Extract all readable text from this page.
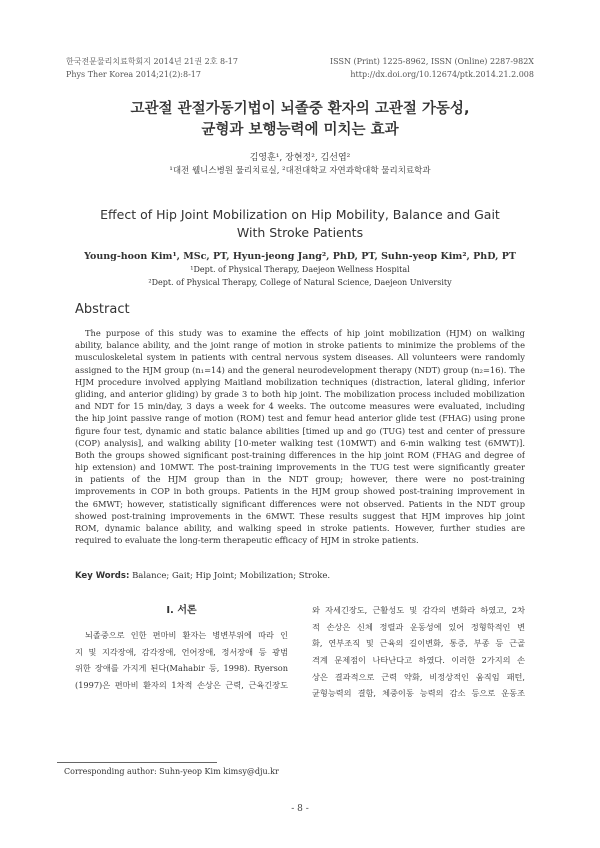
한국전문물리치료학회지 2014년 21권 2호 8-17	ISSN (Print) 1225-8962, ISSN (Online) 2287-982X
Phys Ther Korea 2014;21(2):8-17	http://dx.doi.org/10.12674/ptk.2014.21.2.008
고관절 관절가동기법이 뇌졸중 환자의 고관절 가동성,
균형과 보행능력에 미치는 효과
김영훈¹, 장현정², 김선엽²
¹대전 웰니스병원 물리치료실, ²대전대학교 자연과학대학 물리치료학과
Effect of Hip Joint Mobilization on Hip Mobility, Balance and Gait
With Stroke Patients
Young-hoon Kim¹, MSc, PT, Hyun-jeong Jang², PhD, PT, Suhn-yeop Kim², PhD, PT
¹Dept. of Physical Therapy, Daejeon Wellness Hospital
²Dept. of Physical Therapy, College of Natural Science, Daejeon University
Abstract
The purpose of this study was to examine the effects of hip joint mobilization (HJM) on walking
ability, balance ability, and the joint range of motion in stroke patients to minimize the problems of the
musculoskeletal system in patients with central nervous system diseases. All volunteers were randomly
assigned to the HJM group (n₁=14) and the general neurodevelopment therapy (NDT) group (n₂=16). The
HJM procedure involved applying Maitland mobilization techniques (distraction, lateral gliding, inferior
gliding, and anterior gliding) by grade 3 to both hip joint. The mobilization process included mobilization
and NDT for 15 min/day, 3 days a week for 4 weeks. The outcome measures were evaluated, including
the hip joint passive range of motion (ROM) test and femur head anterior glide test (FHAG) using prone
figure four test, dynamic and static balance abilities [timed up and go (TUG) test and center of pressure
(COP) analysis], and walking ability [10-meter walking test (10MWT) and 6-min walking test (6MWT)].
Both the groups showed significant post-training differences in the hip joint ROM (FHAG and degree of
hip extension) and 10MWT. The post-training improvements in the TUG test were significantly greater
in patients of the HJM group than in the NDT group; however, there were no post-training
improvements in COP in both groups. Patients in the HJM group showed post-training improvement in
the 6MWT; however, statistically significant differences were not observed. Patients in the NDT group
showed post-training improvements in the 6MWT. These results suggest that HJM improves hip joint
ROM, dynamic balance ability, and walking speed in stroke patients. However, further studies are
required to evaluate the long-term therapeutic efficacy of HJM in stroke patients.
Key Words: Balance; Gait; Hip Joint; Mobilization; Stroke.
Ⅰ. 서론
뇌졸중으로 인한 편마비 환자는 병변부위에 따라 인
지 및 지각장애, 감각장애, 언어장애, 정서장애 등 광범
위한 장애를 가지게 된다(Mahabir 등, 1998). Ryerson
(1997)은 편마비 환자의 1차적 손상은 근력, 근육긴장도
와 자세긴장도, 근활성도 및 감각의 변화라 하였고, 2차
적 손상은 신체 정렬과 운동성에 있어 정형학적인 변
화, 연부조직 및 근육의 길이변화, 통증, 부종 등 근골
격계 문제점이 나타난다고 하였다. 이러한 2가지의 손
상은 결과적으로 근력 약화, 비정상적인 움직임 패턴,
균형능력의 결함, 체중이동 능력의 감소 등으로 운동조
Corresponding author: Suhn-yeop Kim kimsy@dju.kr
- 8 -
